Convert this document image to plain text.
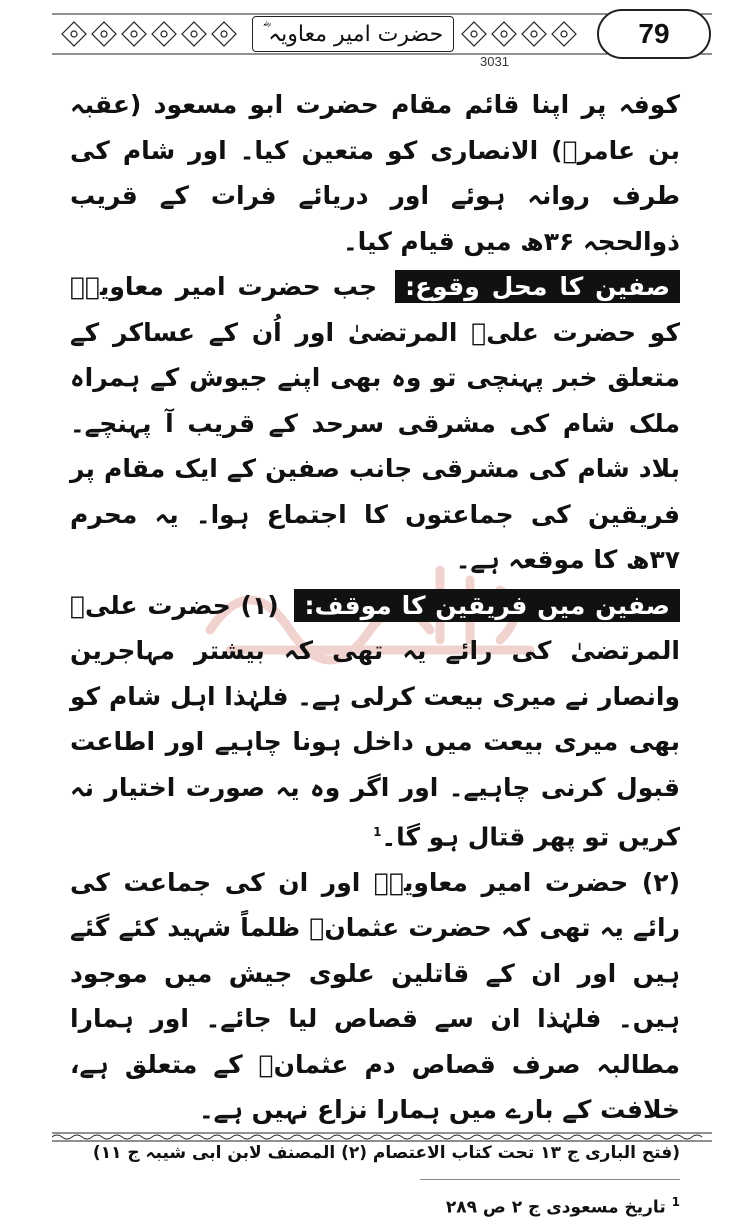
حضرت امیر معاویہ ؓ	79
3031

کوفہ پر اپنا قائم مقام حضرت ابو مسعود (عقبہ بن عامرؓ) الانصاری کو متعین کیا۔ اور شام کی طرف روانہ ہوئے اور دریائے فرات کے قریب ذوالحجہ ۳۶ھ میں قیام کیا۔

صفین کا محل وقوع: جب حضرت امیر معاویہؓ کو حضرت علیؓ المرتضیٰ اور اُن کے عساکر کے متعلق خبر پہنچی تو وہ بھی اپنے جیوش کے ہمراہ ملک شام کی مشرقی سرحد کے قریب آ پہنچے۔ بلاد شام کی مشرقی جانب صفین کے ایک مقام پر فریقین کی جماعتوں کا اجتماع ہوا۔ یہ محرم ۳۷ھ کا موقعہ ہے۔

صفین میں فریقین کا موقف: (۱) حضرت علیؓ المرتضیٰ کی رائے یہ تھی کہ بیشتر مہاجرین وانصار نے میری بیعت کرلی ہے۔ فلہٰذا اہل شام کو بھی میری بیعت میں داخل ہونا چاہیے اور اطاعت قبول کرنی چاہیے۔ اور اگر وہ یہ صورت اختیار نہ کریں تو پھر قتال ہو گا۔$^1$

(۲) حضرت امیر معاویہؓ اور ان کی جماعت کی رائے یہ تھی کہ حضرت عثمانؓ ظلماً شہید کئے گئے ہیں اور ان کے قاتلین علوی جیش میں موجود ہیں۔ فلہٰذا ان سے قصاص لیا جائے۔ اور ہمارا مطالبہ صرف قصاص دم عثمانؓ کے متعلق ہے، خلافت کے بارے میں ہمارا نزاع نہیں ہے۔

(فتح الباری ج ۱۳ تحت کتاب الاعتصام (۲) المصنف لابن ابی شیبہ ج ۱۱)

$^1$ تاریخ مسعودی ج ۲ ص ۲۸۹
